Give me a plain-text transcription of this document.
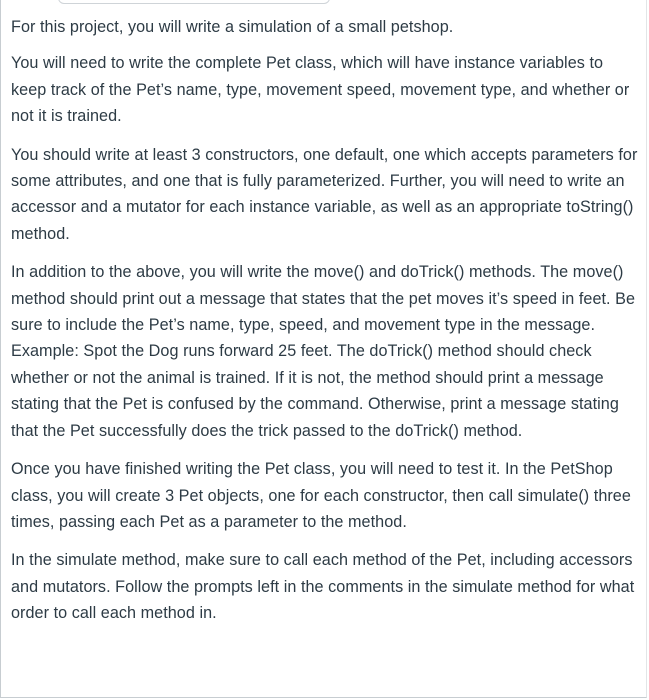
For this project, you will write a simulation of a small petshop.

You will need to write the complete Pet class, which will have instance variables to keep track of the Pet’s name, type, movement speed, movement type, and whether or not it is trained.

You should write at least 3 constructors, one default, one which accepts parameters for some attributes, and one that is fully parameterized. Further, you will need to write an accessor and a mutator for each instance variable, as well as an appropriate toString() method.

In addition to the above, you will write the move() and doTrick() methods. The move() method should print out a message that states that the pet moves it’s speed in feet. Be sure to include the Pet’s name, type, speed, and movement type in the message. Example: Spot the Dog runs forward 25 feet. The doTrick() method should check whether or not the animal is trained. If it is not, the method should print a message stating that the Pet is confused by the command. Otherwise, print a message stating that the Pet successfully does the trick passed to the doTrick() method.

Once you have finished writing the Pet class, you will need to test it. In the PetShop class, you will create 3 Pet objects, one for each constructor, then call simulate() three times, passing each Pet as a parameter to the method.

In the simulate method, make sure to call each method of the Pet, including accessors and mutators. Follow the prompts left in the comments in the simulate method for what order to call each method in.
